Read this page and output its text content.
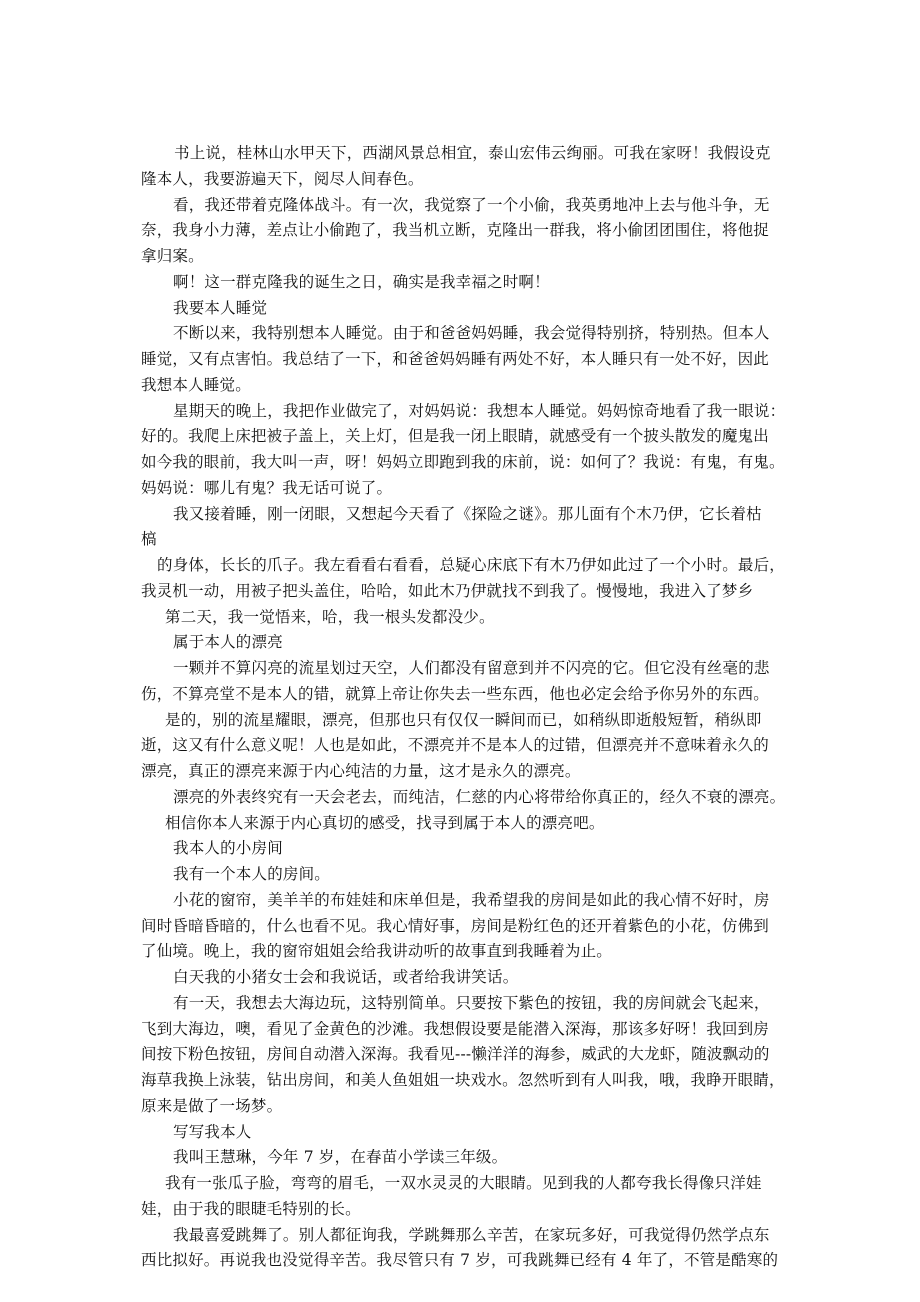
书上说，桂林山水甲天下，西湖风景总相宜，泰山宏伟云绚丽。可我在家呀！我假设克
隆本人，我要游遍天下，阅尽人间春色。
看，我还带着克隆体战斗。有一次，我觉察了一个小偷，我英勇地冲上去与他斗争，无
奈，我身小力薄，差点让小偷跑了，我当机立断，克隆出一群我，将小偷团团围住，将他捉
拿归案。
啊！这一群克隆我的诞生之日，确实是我幸福之时啊！
我要本人睡觉
不断以来，我特别想本人睡觉。由于和爸爸妈妈睡，我会觉得特别挤，特别热。但本人
睡觉，又有点害怕。我总结了一下，和爸爸妈妈睡有两处不好，本人睡只有一处不好，因此
我想本人睡觉。
星期天的晚上，我把作业做完了，对妈妈说：我想本人睡觉。妈妈惊奇地看了我一眼说：
好的。我爬上床把被子盖上，关上灯，但是我一闭上眼睛，就感受有一个披头散发的魔鬼出
如今我的眼前，我大叫一声，呀！妈妈立即跑到我的床前，说：如何了？我说：有鬼，有鬼。
妈妈说：哪儿有鬼？我无话可说了。
我又接着睡，刚一闭眼，又想起今天看了《探险之谜》。那儿面有个木乃伊，它长着枯
槁
的身体，长长的爪子。我左看看右看看，总疑心床底下有木乃伊如此过了一个小时。最后，
我灵机一动，用被子把头盖住，哈哈，如此木乃伊就找不到我了。慢慢地，我进入了梦乡
第二天，我一觉悟来，哈，我一根头发都没少。
属于本人的漂亮
一颗并不算闪亮的流星划过天空，人们都没有留意到并不闪亮的它。但它没有丝毫的悲
伤，不算亮堂不是本人的错，就算上帝让你失去一些东西，他也必定会给予你另外的东西。
是的，别的流星耀眼，漂亮，但那也只有仅仅一瞬间而已，如稍纵即逝般短暂，稍纵即
逝，这又有什么意义呢！人也是如此，不漂亮并不是本人的过错，但漂亮并不意味着永久的
漂亮，真正的漂亮来源于内心纯洁的力量，这才是永久的漂亮。
漂亮的外表终究有一天会老去，而纯洁，仁慈的内心将带给你真正的，经久不衰的漂亮。
相信你本人来源于内心真切的感受，找寻到属于本人的漂亮吧。
我本人的小房间
我有一个本人的房间。
小花的窗帘，美羊羊的布娃娃和床单但是，我希望我的房间是如此的我心情不好时，房
间时昏暗昏暗的，什么也看不见。我心情好事，房间是粉红色的还开着紫色的小花，仿佛到
了仙境。晚上，我的窗帘姐姐会给我讲动听的故事直到我睡着为止。
白天我的小猪女士会和我说话，或者给我讲笑话。
有一天，我想去大海边玩，这特别简单。只要按下紫色的按钮，我的房间就会飞起来，
飞到大海边，噢，看见了金黄色的沙滩。我想假设要是能潜入深海，那该多好呀！我回到房
间按下粉色按钮，房间自动潜入深海。我看见---懒洋洋的海参，威武的大龙虾，随波飘动的
海草我换上泳装，钻出房间，和美人鱼姐姐一块戏水。忽然听到有人叫我，哦，我睁开眼睛，
原来是做了一场梦。
写写我本人
我叫王慧琳，今年 7 岁，在春苗小学读三年级。
我有一张瓜子脸，弯弯的眉毛，一双水灵灵的大眼睛。见到我的人都夸我长得像只洋娃
娃，由于我的眼睫毛特别的长。
我最喜爱跳舞了。别人都征询我，学跳舞那么辛苦，在家玩多好，可我觉得仍然学点东
西比拟好。再说我也没觉得辛苦。我尽管只有 7 岁，可我跳舞已经有 4 年了，不管是酷寒的
